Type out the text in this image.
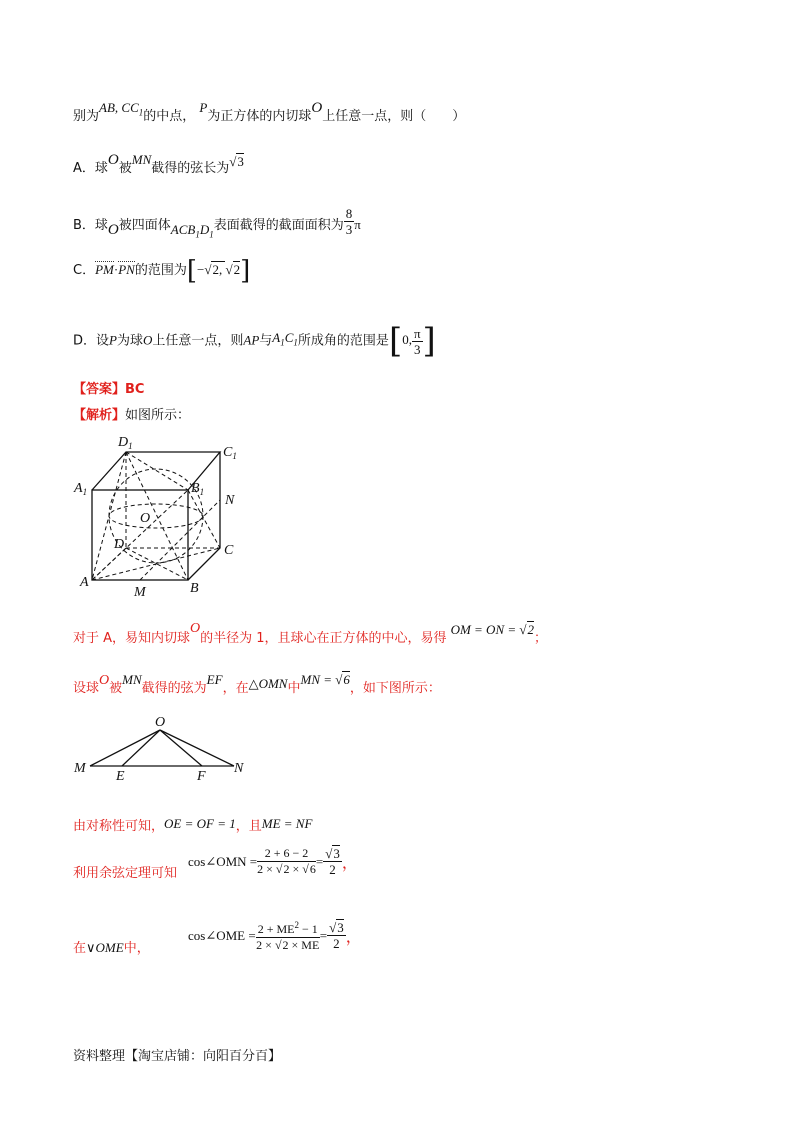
别为AB, $CC_1$的中点， P为正方体的内切球O上任意一点，则（　　）
A．球O被MN截得的弦长为√3
B．球O被四面体$ACB_1D_1$表面截得的截面面积为 $\frac{8}{3}$ π
C．PM·PN的范围为[−√2, √2]
D．设P为球O上任意一点，则AP与$A_1C_1$所成角的范围是[0, $\frac{\pi}{3}$ ]
【答案】BC
【解析】如图所示：
$D_1$	$C_1$
$A_1$	$B_1$
N
O
D	C
A	B
M
对于 A，易知内切球O的半径为 1，且球心在正方体的中心，易得OM = ON = √2；
设球O被MN截得的弦为EF，在△OMN中MN = √6，如下图所示：
O
M
E	F
N
由对称性可知，OE = OF = 1，且ME = NF
利用余弦定理可知
cos∠OMN = $\frac{2 + 6 - 2}{2 \times √2 \times √6} = \frac{√3}{2}$ ，
在∨OME中，
cos∠OME = $\frac{2 + ME^2 - 1}{2 \times √2 \times ME} = \frac{√3}{2}$ ，
资料整理【淘宝店铺：向阳百分百】
